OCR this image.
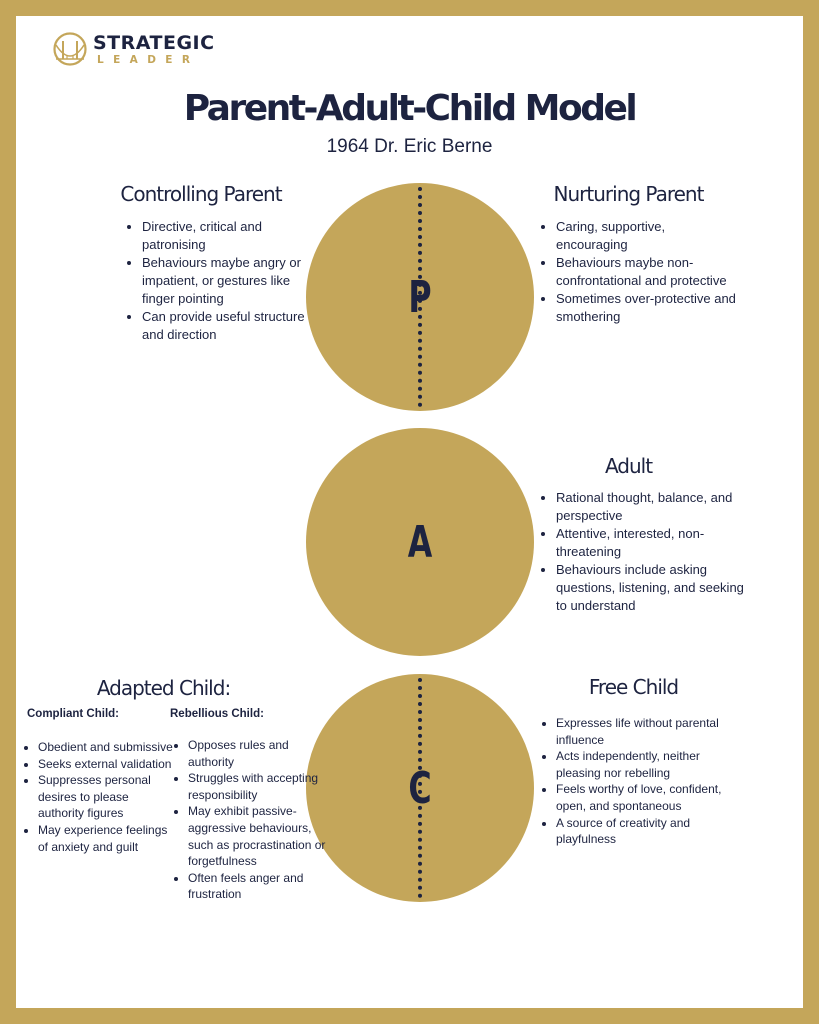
STRATEGIC
LEADER
Parent-Adult-Child Model
1964 Dr. Eric Berne
P
A
C
Controlling Parent
• Directive, critical and patronising
• Behaviours maybe angry or impatient, or gestures like finger pointing
• Can provide useful structure and direction
Nurturing Parent
• Caring, supportive, encouraging
• Behaviours maybe non-confrontational and protective
• Sometimes over-protective and smothering
Adult
• Rational thought, balance, and perspective
• Attentive, interested, non-threatening
• Behaviours include asking questions, listening, and seeking to understand
Adapted Child:
Compliant Child:	Rebellious Child:
• Obedient and submissive
• Seeks external validation
• Suppresses personal desires to please authority figures
• May experience feelings of anxiety and guilt
• Opposes rules and authority
• Struggles with accepting responsibility
• May exhibit passive-aggressive behaviours, such as procrastination or forgetfulness
• Often feels anger and frustration
Free Child
• Expresses life without parental influence
• Acts independently, neither pleasing nor rebelling
• Feels worthy of love, confident, open, and spontaneous
• A source of creativity and playfulness
